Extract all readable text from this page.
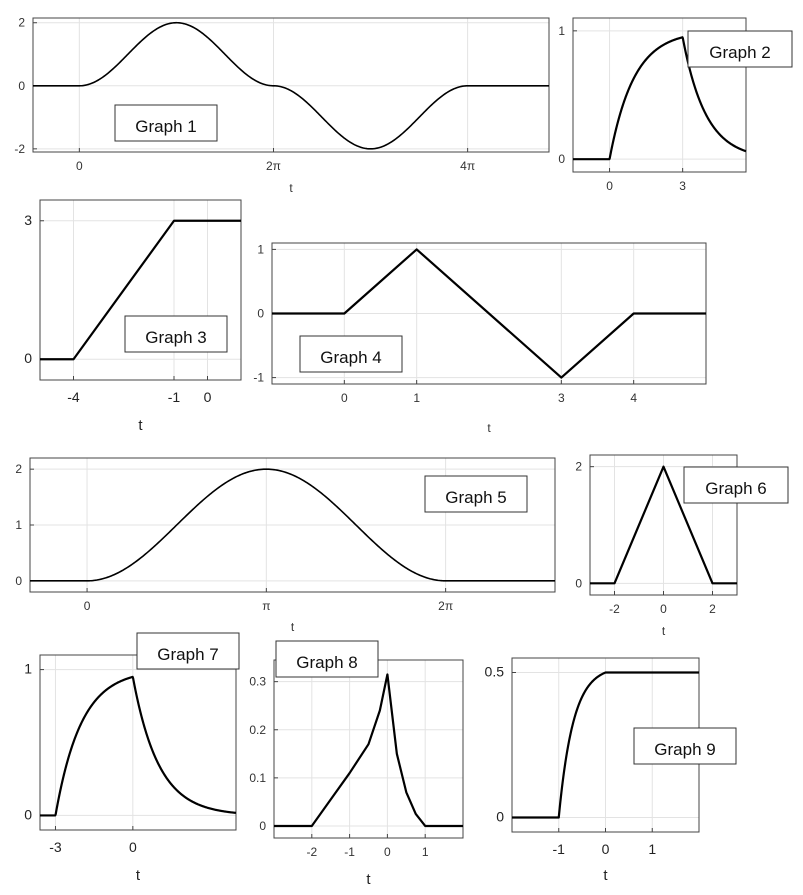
0	2π	4π
-2
0
2
t
Graph 1
0	3
0
1
Graph 2
-4	-1 0
0
3
t
Graph 3
0	1	3	4
-1
0
1
t
Graph 4
0	π	2π
0
1
2
t
Graph 5
-2	0	2
0
2
t
Graph 6
-3	0
0
1
t
Graph 7
-2 -1 0	1
0
0.1
0.2
0.3
t
Graph 8
-1	0	1
0
0.5
t
Graph 9
